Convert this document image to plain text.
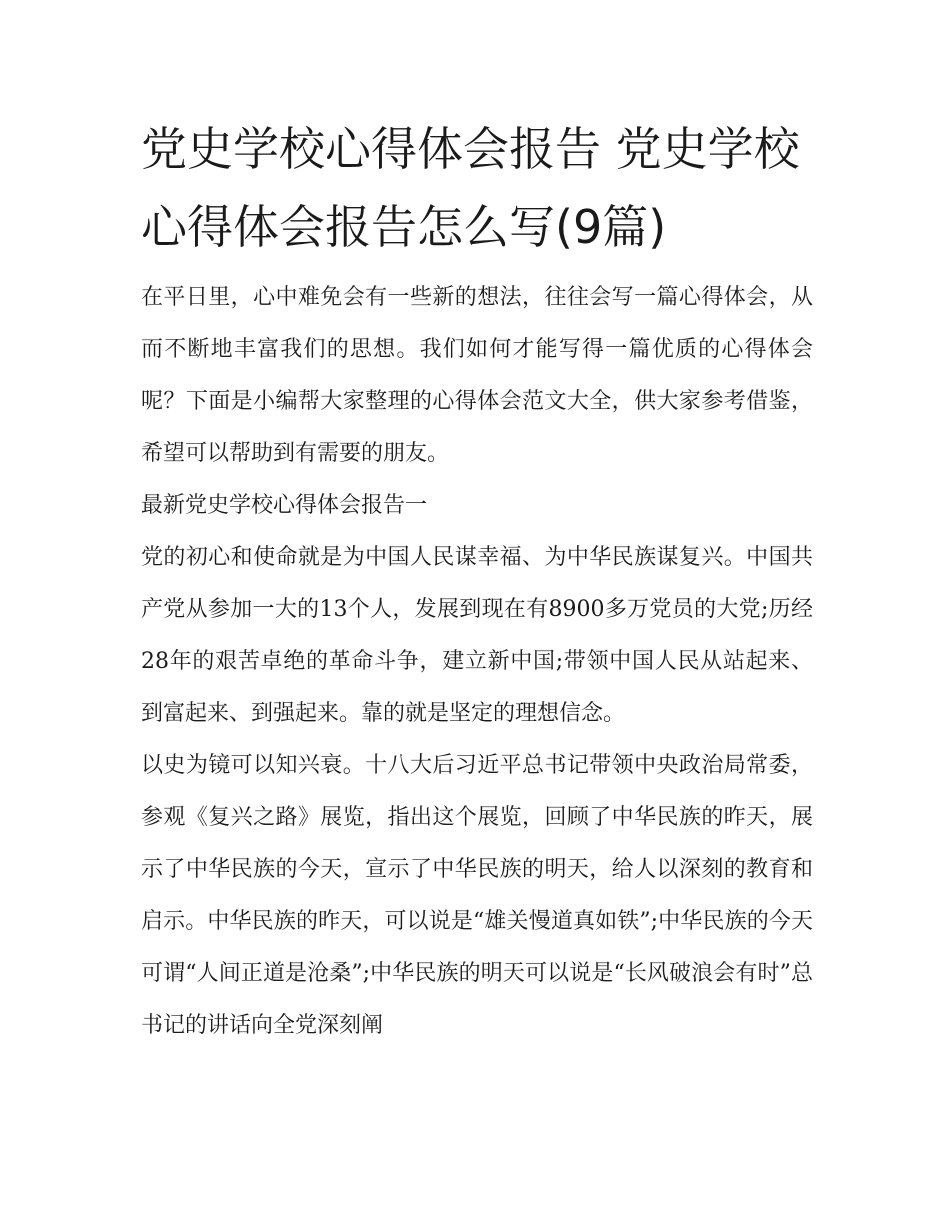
党史学校心得体会报告 党史学校心得体会报告怎么写(9篇)

在平日里，心中难免会有一些新的想法，往往会写一篇心得体会，从而不断地丰富我们的思想。我们如何才能写得一篇优质的心得体会呢？下面是小编帮大家整理的心得体会范文大全，供大家参考借鉴，希望可以帮助到有需要的朋友。

最新党史学校心得体会报告一

党的初心和使命就是为中国人民谋幸福、为中华民族谋复兴。中国共产党从参加一大的13个人，发展到现在有8900多万党员的大党;历经28年的艰苦卓绝的革命斗争，建立新中国;带领中国人民从站起来、到富起来、到强起来。靠的就是坚定的理想信念。

以史为镜可以知兴衰。十八大后习近平总书记带领中央政治局常委，参观《复兴之路》展览，指出这个展览，回顾了中华民族的昨天，展示了中华民族的今天，宣示了中华民族的明天，给人以深刻的教育和启示。中华民族的昨天，可以说是“雄关慢道真如铁”;中华民族的今天可谓“人间正道是沧桑”;中华民族的明天可以说是“长风破浪会有时”总书记的讲话向全党深刻阐
